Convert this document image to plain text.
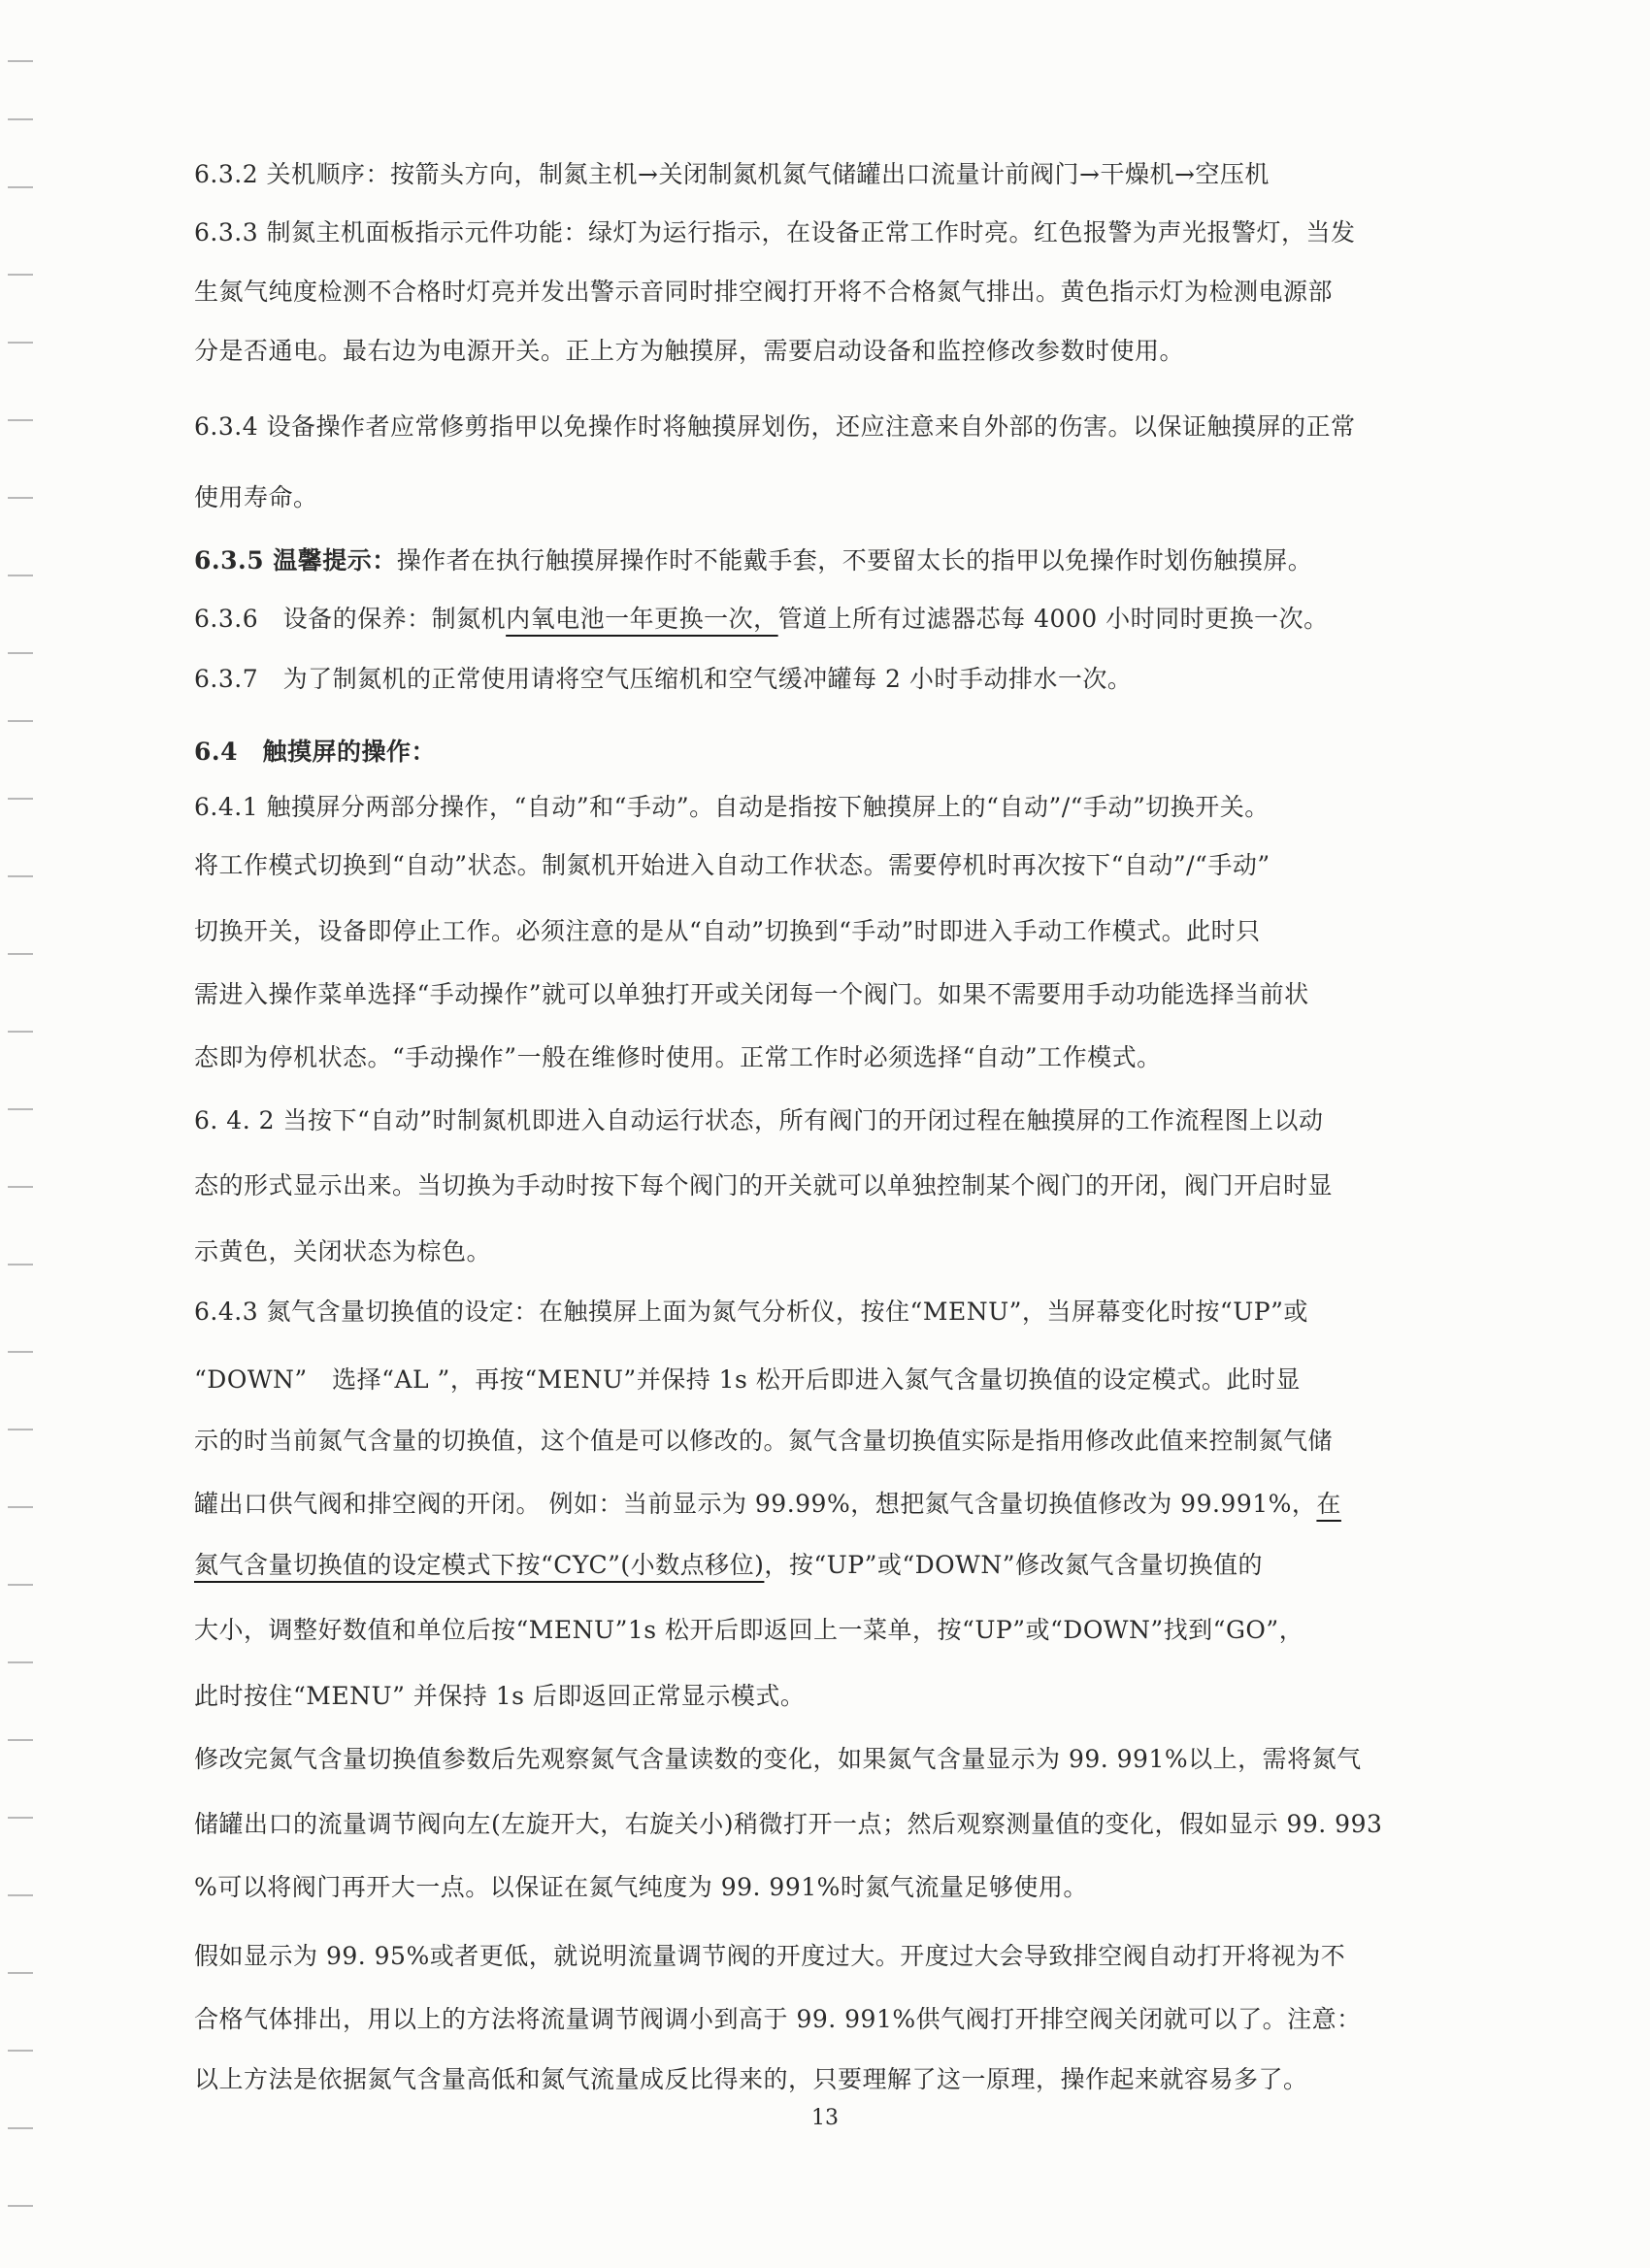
6.3.2 关机顺序：按箭头方向，制氮主机→关闭制氮机氮气储罐出口流量计前阀门→干燥机→空压机
6.3.3 制氮主机面板指示元件功能：绿灯为运行指示，在设备正常工作时亮。红色报警为声光报警灯，当发
生氮气纯度检测不合格时灯亮并发出警示音同时排空阀打开将不合格氮气排出。黄色指示灯为检测电源部
分是否通电。最右边为电源开关。正上方为触摸屏，需要启动设备和监控修改参数时使用。
6.3.4 设备操作者应常修剪指甲以免操作时将触摸屏划伤，还应注意来自外部的伤害。以保证触摸屏的正常
使用寿命。
6.3.5 温馨提示：操作者在执行触摸屏操作时不能戴手套，不要留太长的指甲以免操作时划伤触摸屏。
6.3.6　设备的保养：制氮机内氧电池一年更换一次，管道上所有过滤器芯每 4000 小时同时更换一次。
6.3.7　为了制氮机的正常使用请将空气压缩机和空气缓冲罐每 2 小时手动排水一次。
6.4　触摸屏的操作：
6.4.1 触摸屏分两部分操作，“自动”和“手动”。自动是指按下触摸屏上的“自动”/“手动”切换开关。
将工作模式切换到“自动”状态。制氮机开始进入自动工作状态。需要停机时再次按下“自动”/“手动”
切换开关，设备即停止工作。必须注意的是从“自动”切换到“手动”时即进入手动工作模式。此时只
需进入操作菜单选择“手动操作”就可以单独打开或关闭每一个阀门。如果不需要用手动功能选择当前状
态即为停机状态。“手动操作”一般在维修时使用。正常工作时必须选择“自动”工作模式。
6. 4. 2 当按下“自动”时制氮机即进入自动运行状态，所有阀门的开闭过程在触摸屏的工作流程图上以动
态的形式显示出来。当切换为手动时按下每个阀门的开关就可以单独控制某个阀门的开闭，阀门开启时显
示黄色，关闭状态为棕色。
6.4.3 氮气含量切换值的设定：在触摸屏上面为氮气分析仪，按住“MENU”，当屏幕变化时按“UP”或
“DOWN”　选择“AL ”，再按“MENU”并保持 1s 松开后即进入氮气含量切换值的设定模式。此时显
示的时当前氮气含量的切换值，这个值是可以修改的。氮气含量切换值实际是指用修改此值来控制氮气储
罐出口供气阀和排空阀的开闭。 例如：当前显示为 99.99%，想把氮气含量切换值修改为 99.991%，在
氮气含量切换值的设定模式下按“CYC”(小数点移位)，按“UP”或“DOWN”修改氮气含量切换值的
大小，调整好数值和单位后按“MENU”1s 松开后即返回上一菜单，按“UP”或“DOWN”找到“GO”，
此时按住“MENU” 并保持 1s 后即返回正常显示模式。
修改完氮气含量切换值参数后先观察氮气含量读数的变化，如果氮气含量显示为 99. 991%以上，需将氮气
储罐出口的流量调节阀向左(左旋开大，右旋关小)稍微打开一点；然后观察测量值的变化，假如显示 99. 993
%可以将阀门再开大一点。以保证在氮气纯度为 99. 991%时氮气流量足够使用。
假如显示为 99. 95%或者更低，就说明流量调节阀的开度过大。开度过大会导致排空阀自动打开将视为不
合格气体排出，用以上的方法将流量调节阀调小到高于 99. 991%供气阀打开排空阀关闭就可以了。注意：
以上方法是依据氮气含量高低和氮气流量成反比得来的，只要理解了这一原理，操作起来就容易多了。
13
